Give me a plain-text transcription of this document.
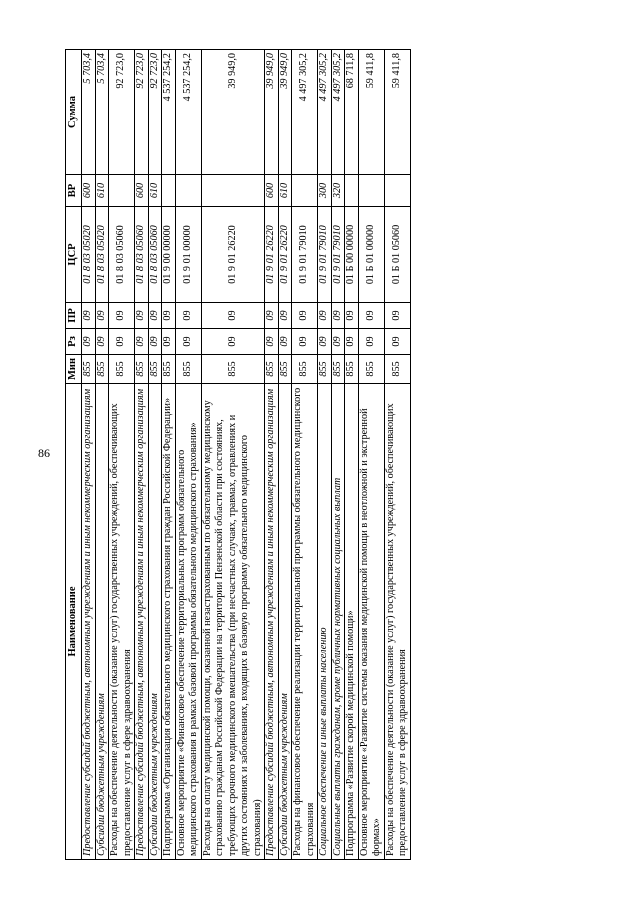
86
Наименование	Мин	Рз	ПР	ЦСР	ВР	Сумма
Предоставление субсидий бюджетным, автономным учреждениям и иным некоммерческим организациям	855	09	09	01 8 03 05020	600	5 703,4
Субсидии бюджетным учреждениям	855	09	09	01 8 03 05020	610	5 703,4
Расходы на обеспечение деятельности (оказание услуг) государственных учреждений, обеспечивающих предоставление услуг в сфере здравоохранения	855	09	09	01 8 03 05060		92 723,0
Предоставление субсидий бюджетным, автономным учреждениям и иным некоммерческим организациям	855	09	09	01 8 03 05060	600	92 723,0
Субсидии бюджетным учреждениям	855	09	09	01 8 03 05060	610	92 723,0
Подпрограмма «Организация обязательного медицинского страхования граждан Российской Федерации»	855	09	09	01 9 00 00000		4 537 254,2
Основное мероприятие «Финансовое обеспечение территориальных программ обязательного медицинского страхования в рамках базовой программы обязательного медицинского страхования»	855	09	09	01 9 01 00000		4 537 254,2
Расходы на оплату медицинской помощи, оказанной незастрахованным по обязательному медицинскому страхованию гражданам Российской Федерации на территории Пензенской области при состояниях, требующих срочного медицинского вмешательства (при несчастных случаях, травмах, отравлениях и других состояниях и заболеваниях, входящих в базовую программу обязательного медицинского страхования)	855	09	09	01 9 01 26220		39 949,0
Предоставление субсидий бюджетным, автономным учреждениям и иным некоммерческим организациям	855	09	09	01 9 01 26220	600	39 949,0
Субсидии бюджетным учреждениям	855	09	09	01 9 01 26220	610	39 949,0
Расходы на финансовое обеспечение реализации территориальной программы обязательного медицинского страхования	855	09	09	01 9 01 79010		4 497 305,2
Социальное обеспечение и иные выплаты населению	855	09	09	01 9 01 79010	300	4 497 305,2
Социальные выплаты гражданам, кроме публичных нормативных социальных выплат	855	09	09	01 9 01 79010	320	4 497 305,2
Подпрограмма «Развитие скорой медицинской помощи»	855	09	09	01 Б 00 00000		68 711,8
Основное мероприятие «Развитие системы оказания медицинской помощи в неотложной и экстренной формах»	855	09	09	01 Б 01 00000		59 411,8
Расходы на обеспечение деятельности (оказание услуг) государственных учреждений, обеспечивающих предоставление услуг в сфере здравоохранения	855	09	09	01 Б 01 05060		59 411,8
